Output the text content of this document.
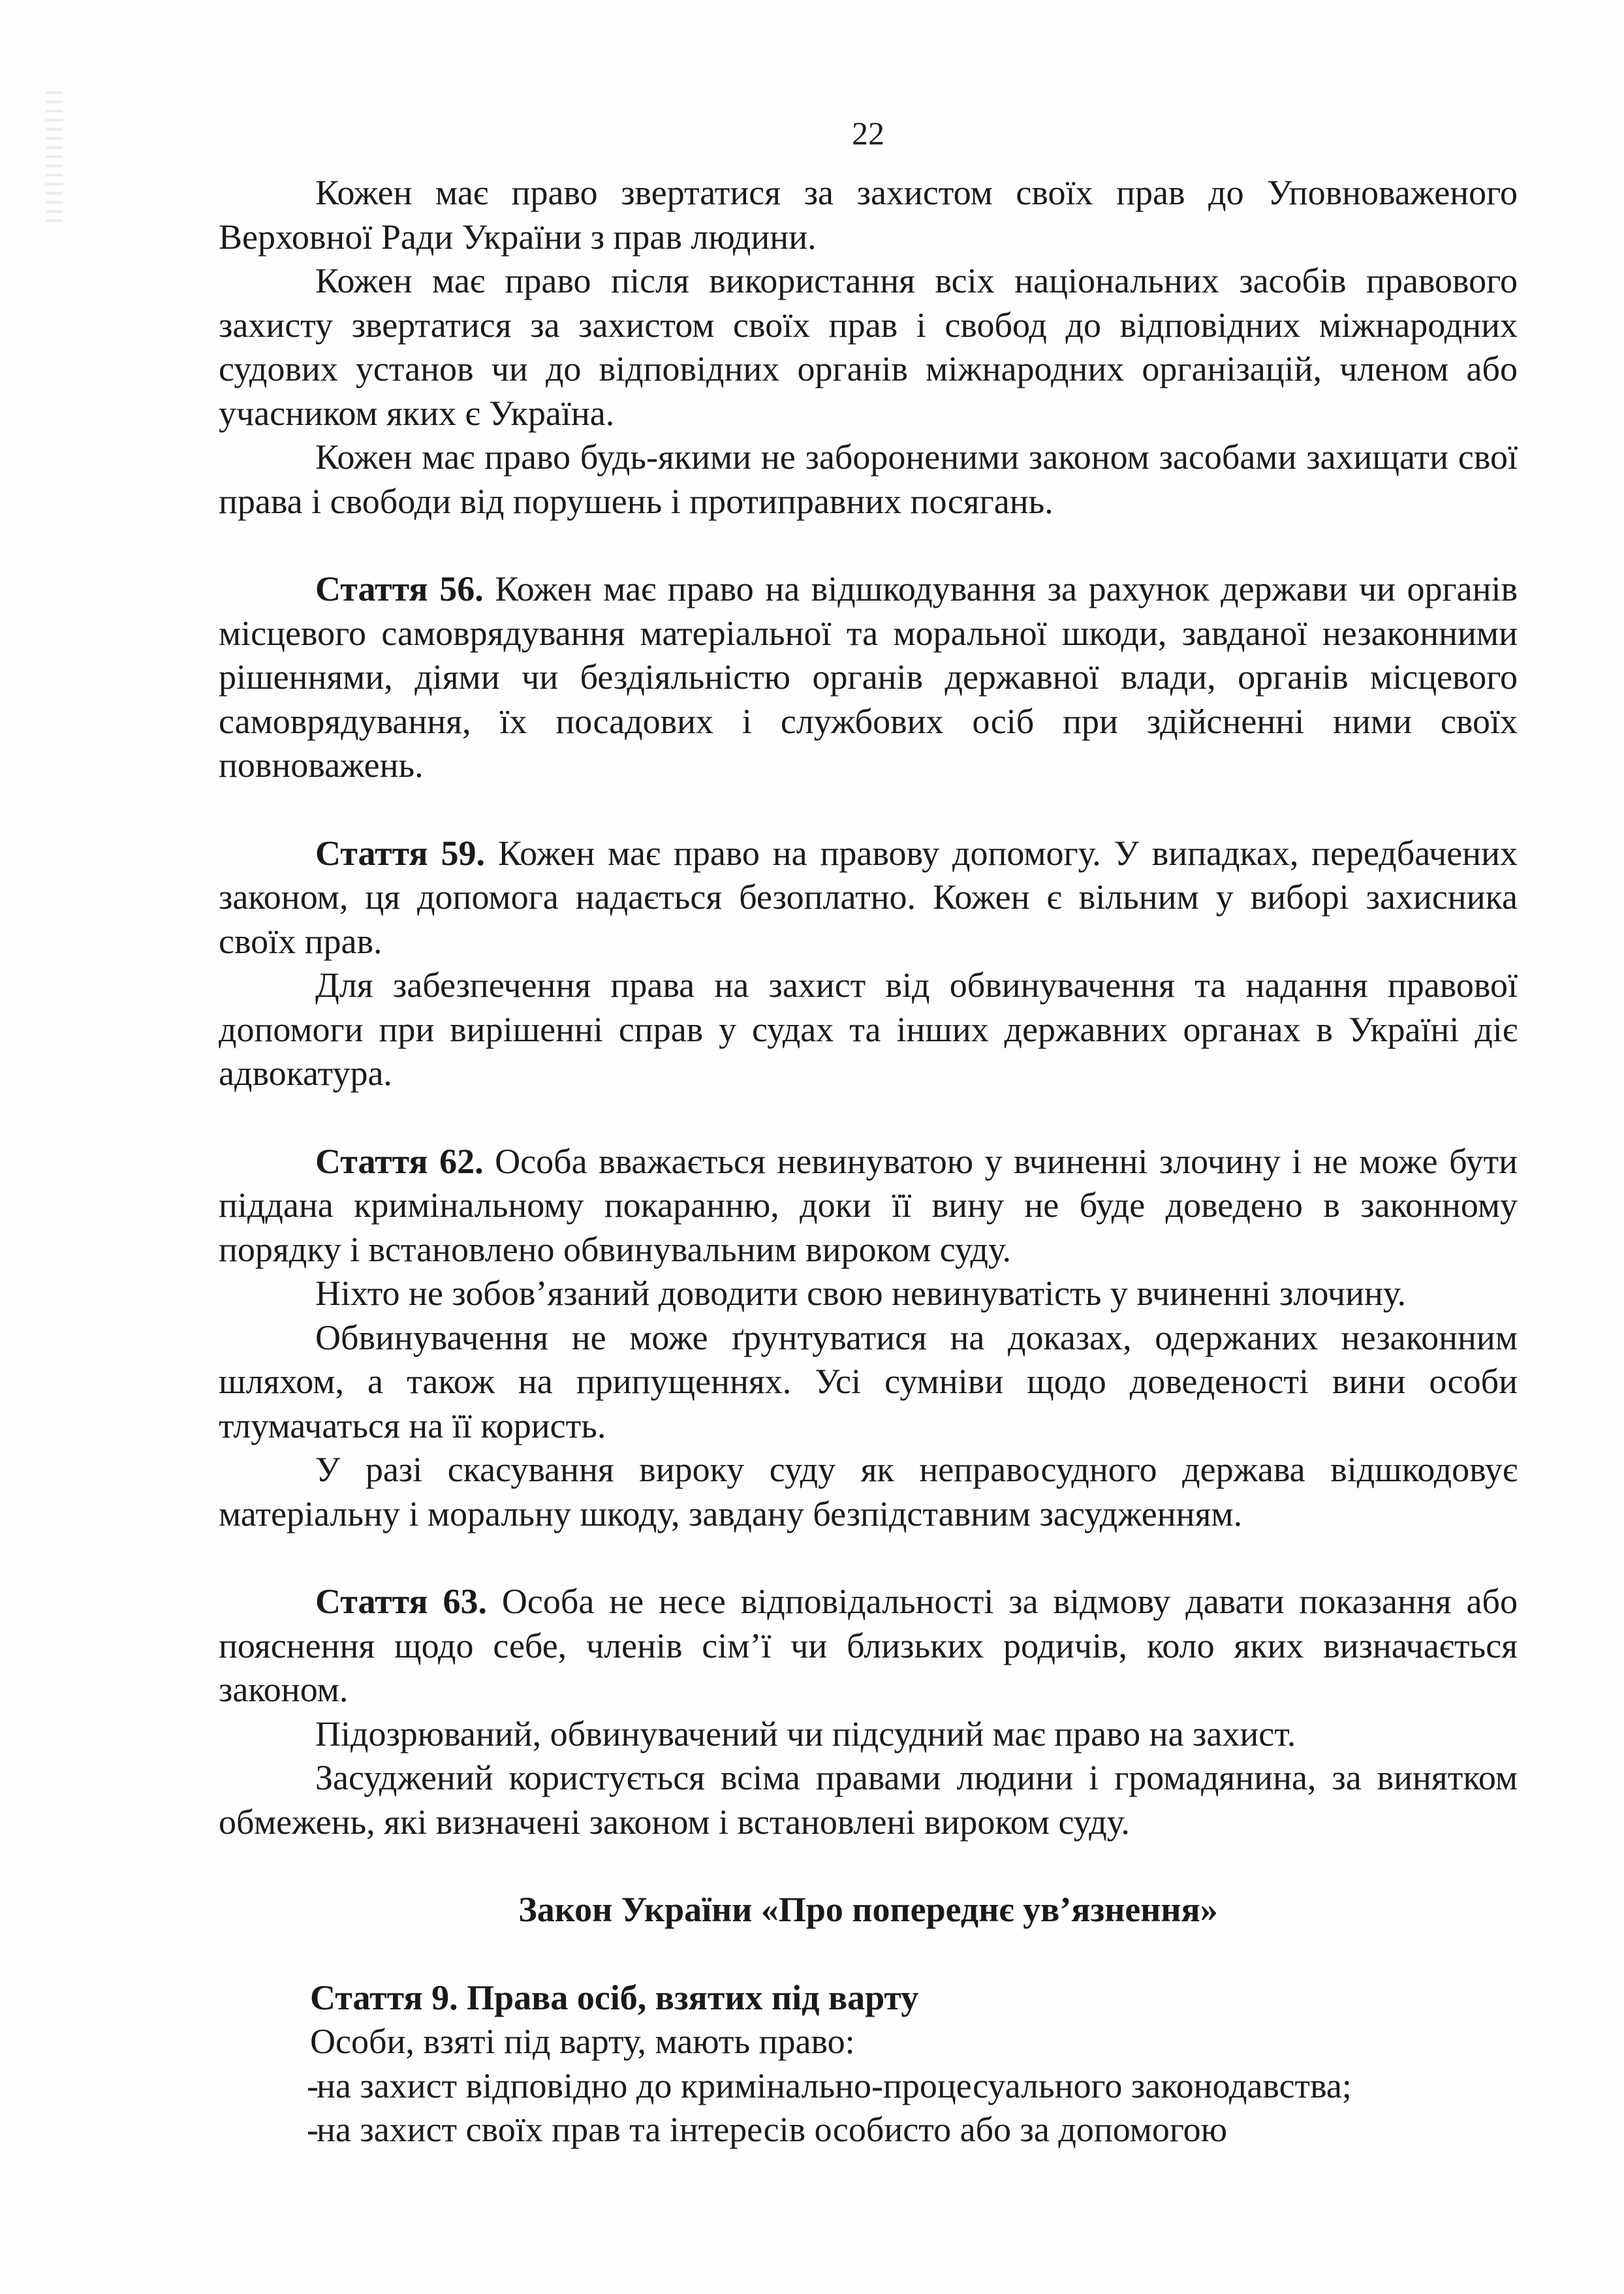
22

Кожен має право звертатися за захистом своїх прав до Уповноваженого Верховної Ради України з прав людини.

Кожен має право після використання всіх національних засобів правового захисту звертатися за захистом своїх прав і свобод до відповідних міжнародних судових установ чи до відповідних органів міжнародних організацій, членом або учасником яких є Україна.

Кожен має право будь-якими не забороненими законом засобами захищати свої права і свободи від порушень і протиправних посягань.

Стаття 56. Кожен має право на відшкодування за рахунок держави чи органів місцевого самоврядування матеріальної та моральної шкоди, завданої незаконними рішеннями, діями чи бездіяльністю органів державної влади, органів місцевого самоврядування, їх посадових і службових осіб при здійсненні ними своїх повноважень.

Стаття 59. Кожен має право на правову допомогу. У випадках, передбачених законом, ця допомога надається безоплатно. Кожен є вільним у виборі захисника своїх прав.

Для забезпечення права на захист від обвинувачення та надання правової допомоги при вирішенні справ у судах та інших державних органах в Україні діє адвокатура.

Стаття 62. Особа вважається невинуватою у вчиненні злочину і не може бути піддана кримінальному покаранню, доки її вину не буде доведено в законному порядку і встановлено обвинувальним вироком суду.

Ніхто не зобов’язаний доводити свою невинуватість у вчиненні злочину.

Обвинувачення не може ґрунтуватися на доказах, одержаних незаконним шляхом, а також на припущеннях. Усі сумніви щодо доведеності вини особи тлумачаться на її користь.

У разі скасування вироку суду як неправосудного держава відшкодовує матеріальну і моральну шкоду, завдану безпідставним засудженням.

Стаття 63. Особа не несе відповідальності за відмову давати показання або пояснення щодо себе, членів сім’ї чи близьких родичів, коло яких визначається законом.

Підозрюваний, обвинувачений чи підсудний має право на захист.

Засуджений користується всіма правами людини і громадянина, за винятком обмежень, які визначені законом і встановлені вироком суду.

Закон України «Про попереднє ув’язнення»

Стаття 9. Права осіб, взятих під варту

Особи, взяті під варту, мають право:

-
на захист відповідно до кримінально-процесуального законодавства;
-
на захист своїх прав та інтересів особисто або за допомогою
